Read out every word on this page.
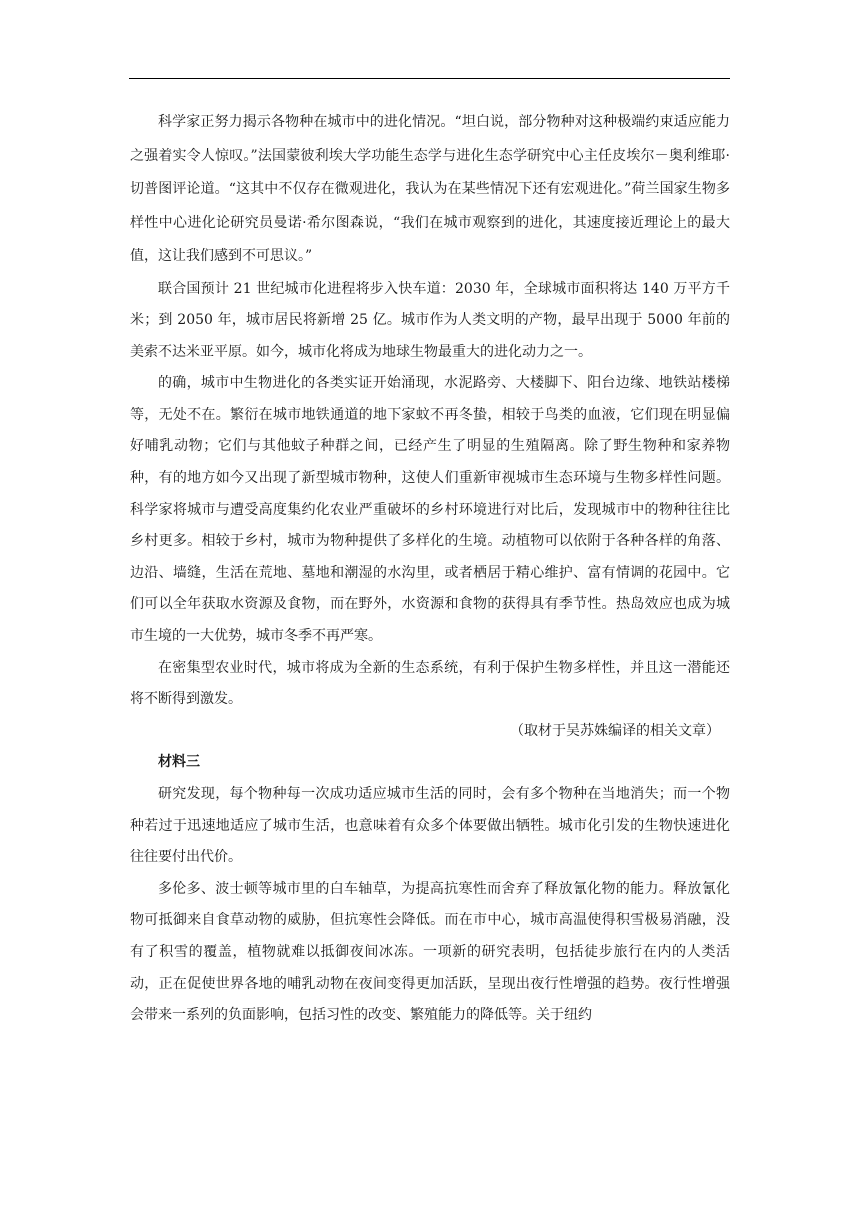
科学家正努力揭示各物种在城市中的进化情况。“坦白说，部分物种对这种极端约束适应能力之强着实令人惊叹。”法国蒙彼利埃大学功能生态学与进化生态学研究中心主任皮埃尔－奥利维耶·切普图评论道。“这其中不仅存在微观进化，我认为在某些情况下还有宏观进化。”荷兰国家生物多样性中心进化论研究员曼诺·希尔图森说，“我们在城市观察到的进化，其速度接近理论上的最大值，这让我们感到不可思议。”

联合国预计 21 世纪城市化进程将步入快车道：2030 年，全球城市面积将达 140 万平方千米；到 2050 年，城市居民将新增 25 亿。城市作为人类文明的产物，最早出现于 5000 年前的美索不达米亚平原。如今，城市化将成为地球生物最重大的进化动力之一。

的确，城市中生物进化的各类实证开始涌现，水泥路旁、大楼脚下、阳台边缘、地铁站楼梯等，无处不在。繁衍在城市地铁通道的地下家蚊不再冬蛰，相较于鸟类的血液，它们现在明显偏好哺乳动物；它们与其他蚊子种群之间，已经产生了明显的生殖隔离。除了野生物种和家养物种，有的地方如今又出现了新型城市物种，这使人们重新审视城市生态环境与生物多样性问题。科学家将城市与遭受高度集约化农业严重破坏的乡村环境进行对比后，发现城市中的物种往往比乡村更多。相较于乡村，城市为物种提供了多样化的生境。动植物可以依附于各种各样的角落、边沿、墙缝，生活在荒地、墓地和潮湿的水沟里，或者栖居于精心维护、富有情调的花园中。它们可以全年获取水资源及食物，而在野外，水资源和食物的获得具有季节性。热岛效应也成为城市生境的一大优势，城市冬季不再严寒。

在密集型农业时代，城市将成为全新的生态系统，有利于保护生物多样性，并且这一潜能还将不断得到激发。

（取材于吴苏姝编译的相关文章）

材料三

研究发现，每个物种每一次成功适应城市生活的同时，会有多个物种在当地消失；而一个物种若过于迅速地适应了城市生活，也意味着有众多个体要做出牺牲。城市化引发的生物快速进化往往要付出代价。

多伦多、波士顿等城市里的白车轴草，为提高抗寒性而舍弃了释放氰化物的能力。释放氰化物可抵御来自食草动物的威胁，但抗寒性会降低。而在市中心，城市高温使得积雪极易消融，没有了积雪的覆盖，植物就难以抵御夜间冰冻。一项新的研究表明，包括徒步旅行在内的人类活动，正在促使世界各地的哺乳动物在夜间变得更加活跃，呈现出夜行性增强的趋势。夜行性增强会带来一系列的负面影响，包括习性的改变、繁殖能力的降低等。关于纽约
